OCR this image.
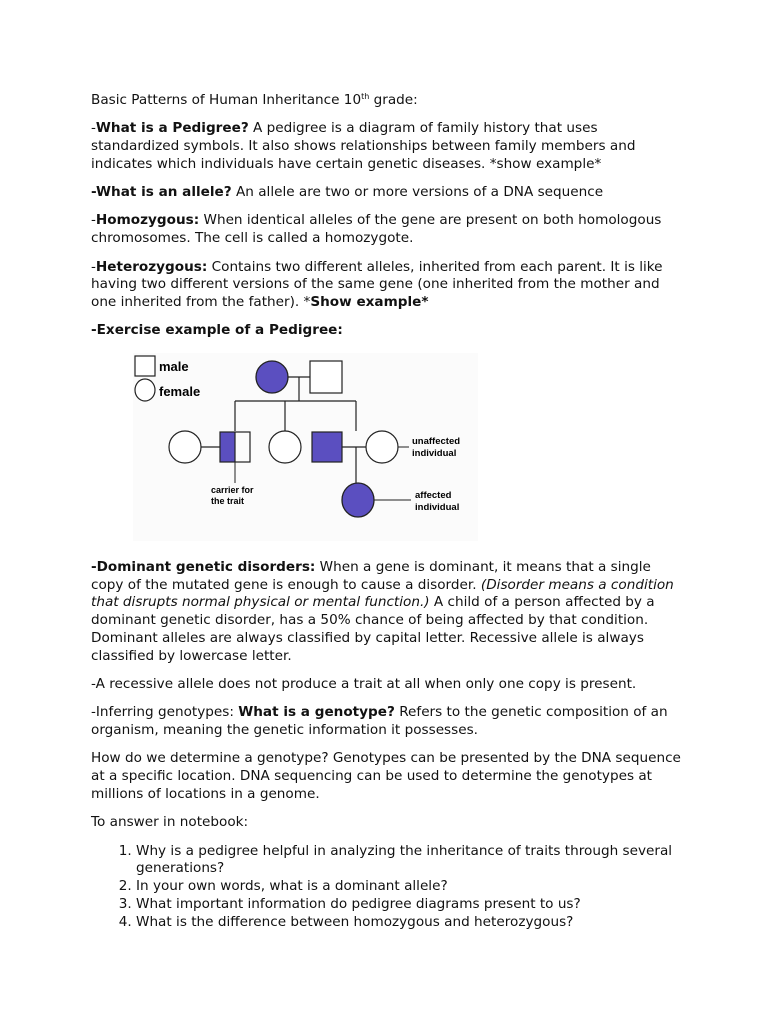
Basic Patterns of Human Inheritance 10th grade:

-What is a Pedigree? A pedigree is a diagram of family history that uses standardized symbols. It also shows relationships between family members and indicates which individuals have certain genetic diseases. *show example*

-What is an allele? An allele are two or more versions of a DNA sequence

-Homozygous: When identical alleles of the gene are present on both homologous chromosomes. The cell is called a homozygote.

-Heterozygous: Contains two different alleles, inherited from each parent. It is like having two different versions of the same gene (one inherited from the mother and one inherited from the father). *Show example*

-Exercise example of a Pedigree:

male
female
carrier for
the trait
unaffected
individual
affected
individual

-Dominant genetic disorders: When a gene is dominant, it means that a single copy of the mutated gene is enough to cause a disorder. (Disorder means a condition that disrupts normal physical or mental function.) A child of a person affected by a dominant genetic disorder, has a 50% chance of being affected by that condition. Dominant alleles are always classified by capital letter. Recessive allele is always classified by lowercase letter.

-A recessive allele does not produce a trait at all when only one copy is present.

-Inferring genotypes: What is a genotype? Refers to the genetic composition of an organism, meaning the genetic information it possesses.

How do we determine a genotype? Genotypes can be presented by the DNA sequence at a specific location. DNA sequencing can be used to determine the genotypes at millions of locations in a genome.

To answer in notebook:

1. Why is a pedigree helpful in analyzing the inheritance of traits through several generations?
2. In your own words, what is a dominant allele?
3. What important information do pedigree diagrams present to us?
4. What is the difference between homozygous and heterozygous?
